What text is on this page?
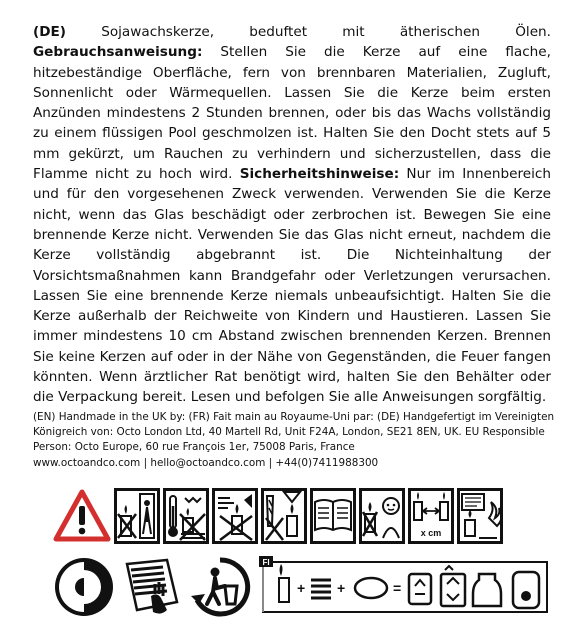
(DE) Sojawachskerze, beduftet mit ätherischen Ölen. Gebrauchsanweisung: Stellen Sie die Kerze auf eine flache, hitzebeständige Oberfläche, fern von brennbaren Materialien, Zugluft, Sonnenlicht oder Wärmequellen. Lassen Sie die Kerze beim ersten Anzünden mindestens 2 Stunden brennen, oder bis das Wachs vollständig zu einem flüssigen Pool geschmolzen ist. Halten Sie den Docht stets auf 5 mm gekürzt, um Rauchen zu verhindern und sicherzustellen, dass die Flamme nicht zu hoch wird. Sicherheitshinweise: Nur im Innenbereich und für den vorgesehenen Zweck verwenden. Verwenden Sie die Kerze nicht, wenn das Glas beschädigt oder zerbrochen ist. Bewegen Sie eine brennende Kerze nicht. Verwenden Sie das Glas nicht erneut, nachdem die Kerze vollständig abgebrannt ist. Die Nichteinhaltung der Vorsichtsmaßnahmen kann Brandgefahr oder Verletzungen verursachen. Lassen Sie eine brennende Kerze niemals unbeaufsichtigt. Halten Sie die Kerze außerhalb der Reichweite von Kindern und Haustieren. Lassen Sie immer mindestens 10 cm Abstand zwischen brennenden Kerzen. Brennen Sie keine Kerzen auf oder in der Nähe von Gegenständen, die Feuer fangen könnten. Wenn ärztlicher Rat benötigt wird, halten Sie den Behälter oder die Verpackung bereit. Lesen und befolgen Sie alle Anweisungen sorgfältig.

(EN) Handmade in the UK by: (FR) Fait main au Royaume-Uni par: (DE) Handgefertigt im Vereinigten Königreich von: Octo London Ltd, 40 Martell Rd, Unit F24A, London, SE21 8EN, UK. EU Responsible Person: Octo Europe, 60 rue François 1er, 75008 Paris, France
www.octoandco.com | hello@octoandco.com | +44(0)7411988300

x cm
FI
+ +	=
